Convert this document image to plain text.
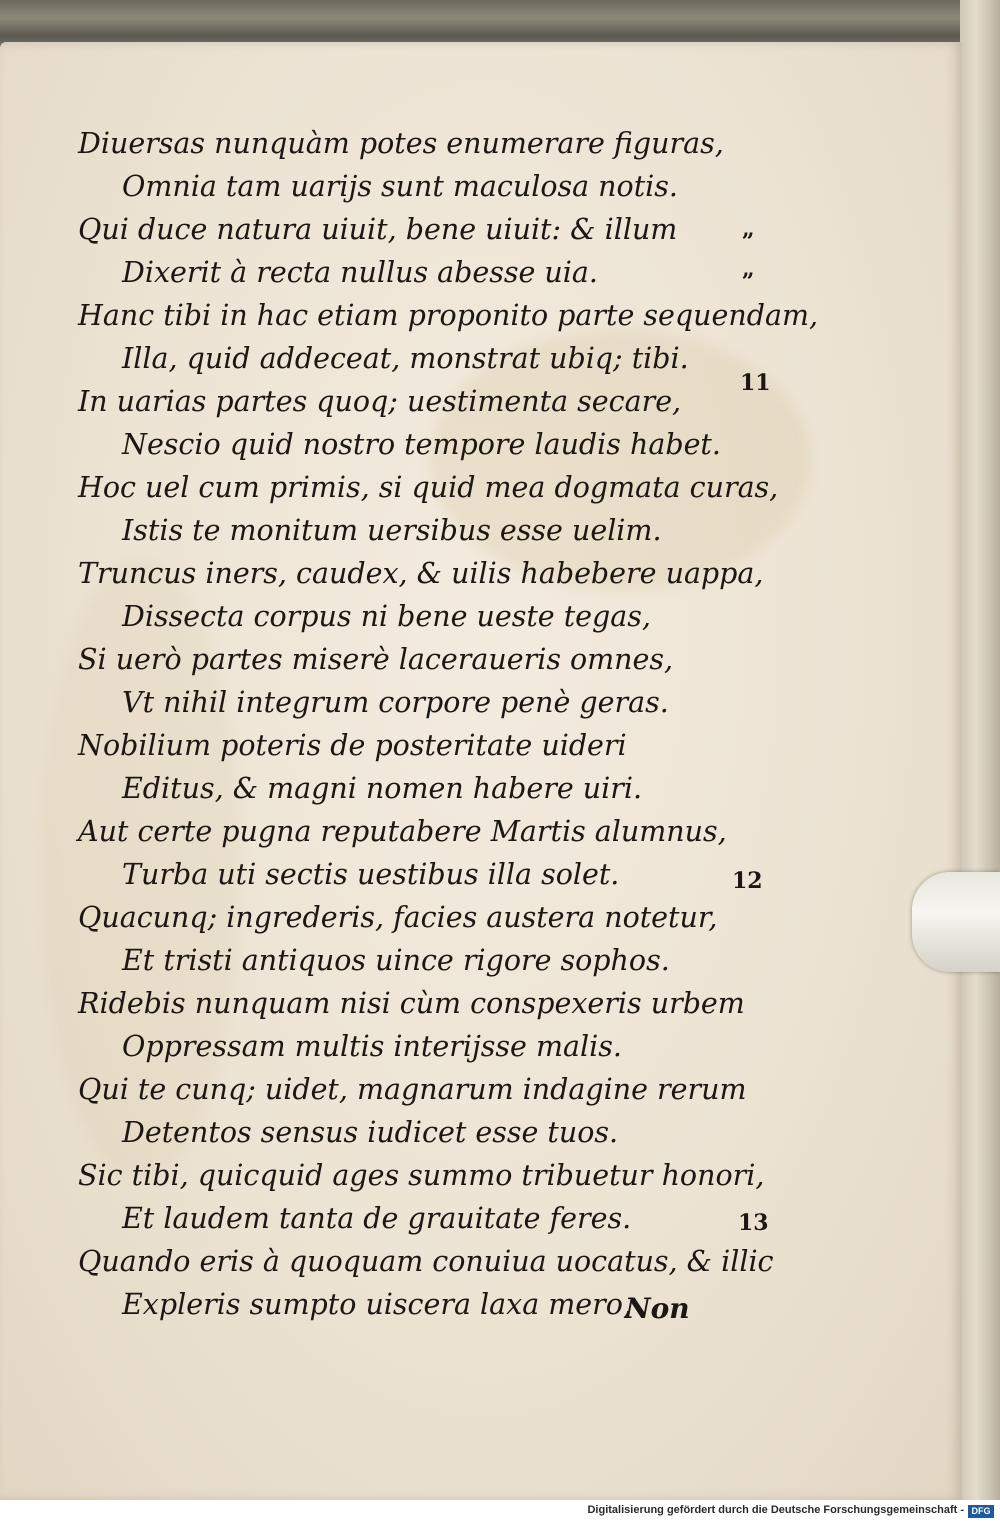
Diuersas nunquàm potes enumerare figuras,
Omnia tam uarijs sunt maculosa notis.
Qui duce natura uiuit, bene uiuit: & illum
Dixerit à recta nullus abesse uia.
Hanc tibi in hac etiam proponito parte sequendam,
Illa, quid addeceat, monstrat ubiq; tibi.
In uarias partes quoq; uestimenta secare,
Nescio quid nostro tempore laudis habet.
Hoc uel cum primis, si quid mea dogmata curas,
Istis te monitum uersibus esse uelim.
Truncus iners, caudex, & uilis habebere uappa,
Dissecta corpus ni bene ueste tegas,
Si uerò partes miserè laceraueris omnes,
Vt nihil integrum corpore penè geras.
Nobilium poteris de posteritate uideri
Editus, & magni nomen habere uiri.
Aut certe pugna reputabere Martis alumnus,
Turba uti sectis uestibus illa solet.
Quacunq; ingrederis, facies austera notetur,
Et tristi antiquos uince rigore sophos.
Ridebis nunquam nisi cùm conspexeris urbem
Oppressam multis interijsse malis.
Qui te cunq; uidet, magnarum indagine rerum
Detentos sensus iudicet esse tuos.
Sic tibi, quicquid ages summo tribuetur honori,
Et laudem tanta de grauitate feres.
Quando eris à quoquam conuiua uocatus, & illic
Expleris sumpto uiscera laxa mero,
„
„
11
12
13
Non
Digitalisierung gefördert durch die Deutsche Forschungsgemeinschaft - DFG
